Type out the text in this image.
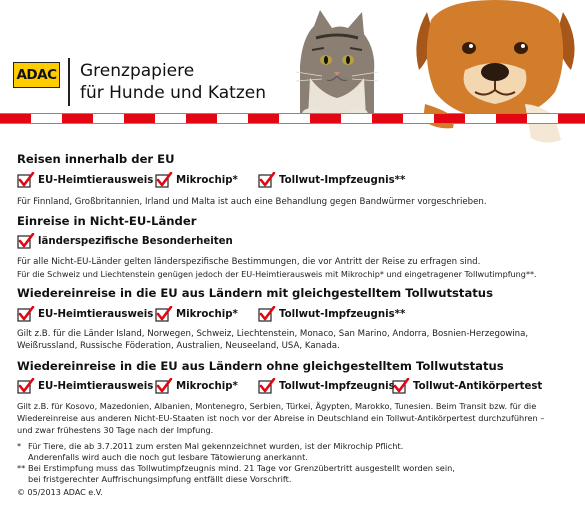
ADAC Grenzpapiere
für Hunde und Katzen
Reisen innerhalb der EU
EU-Heimtierausweis Mikrochip*	Tollwut-Impfzeugnis**
Für Finnland, Großbritannien, Irland und Malta ist auch eine Behandlung gegen Bandwürmer vorgeschrieben.
Einreise in Nicht-EU-Länder
länderspezifische Besonderheiten
Für alle Nicht-EU-Länder gelten länderspezifische Bestimmungen, die vor Antritt der Reise zu erfragen sind.
Für die Schweiz und Liechtenstein genügen jedoch der EU-Heimtierausweis mit Mikrochip* und eingetragener Tollwutimpfung**.
Wiedereinreise in die EU aus Ländern mit gleichgestelltem Tollwutstatus
EU-Heimtierausweis Mikrochip*	Tollwut-Impfzeugnis**
Gilt z.B. für die Länder Island, Norwegen, Schweiz, Liechtenstein, Monaco, San Marino, Andorra, Bosnien-Herzegowina,
Weißrussland, Russische Föderation, Australien, Neuseeland, USA, Kanada.
Wiedereinreise in die EU aus Ländern ohne gleichgestelltem Tollwutstatus
EU-Heimtierausweis Mikrochip*	Tollwut-Impfzeugnis Tollwut-Antikörpertest
Gilt z.B. für Kosovo, Mazedonien, Albanien, Montenegro, Serbien, Türkei, Ägypten, Marokko, Tunesien. Beim Transit bzw. für die
Wiedereinreise aus anderen Nicht-EU-Staaten ist noch vor der Abreise in Deutschland ein Tollwut-Antikörpertest durchzuführen –
und zwar frühestens 30 Tage nach der Impfung.
* Für Tiere, die ab 3.7.2011 zum ersten Mal gekennzeichnet wurden, ist der Mikrochip Pflicht.
Anderenfalls wird auch die noch gut lesbare Tätowierung anerkannt.
** Bei Erstimpfung muss das Tollwutimpfzeugnis mind. 21 Tage vor Grenzübertritt ausgestellt worden sein,
bei fristgerechter Auffrischungsimpfung entfällt diese Vorschrift.
© 05/2013 ADAC e.V.
